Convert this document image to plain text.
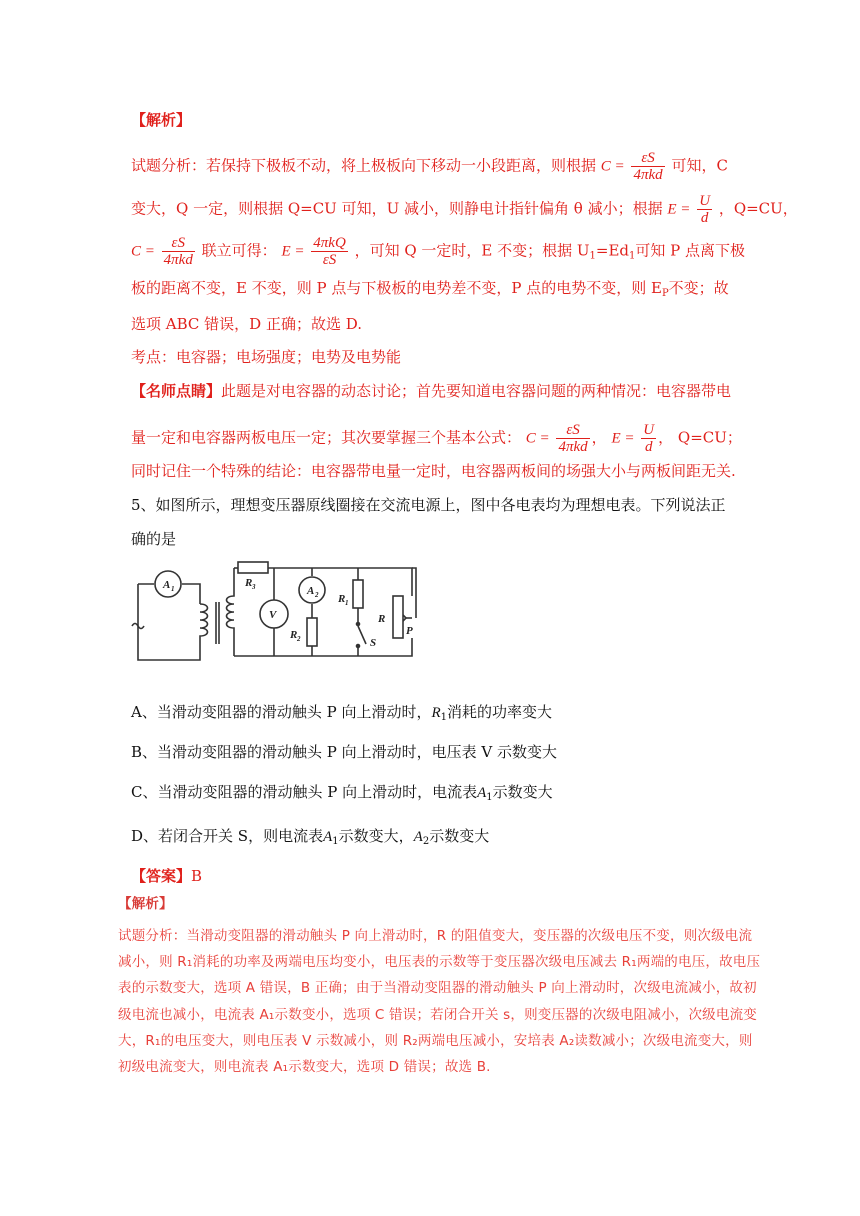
【解析】
试题分析：若保持下极板不动，将上极板向下移动一小段距离，则根据 $C = \frac{\varepsilon S}{\text{4πkd}}$ 可知，C
变大，Q 一定，则根据 Q=CU 可知，U 减小，则静电计指针偏角 θ 减小；根据 $E = \frac{U}{d}$ ，Q=CU，
$C = \frac{\varepsilon S}{\text{4πkd}}$ 联立可得： $E = \frac{\text{4πkQ}}{\varepsilon S}$ ，可知 Q 一定时，E 不变；根据 $U_1=Ed_1$可知 P 点离下极
板的距离不变，E 不变，则 P 点与下极板的电势差不变，P 点的电势不变，则 $E_P$不变；故
选项 ABC 错误，D 正确；故选 D.
考点：电容器；电场强度；电势及电势能
【名师点睛】此题是对电容器的动态讨论；首先要知道电容器问题的两种情况：电容器带电
量一定和电容器两板电压一定；其次要掌握三个基本公式： $C = \frac{\varepsilon S}{\text{4πkd}}$ ， $E = \frac{U}{d}$ ， Q=CU；
同时记住一个特殊的结论：电容器带电量一定时，电容器两板间的场强大小与两板间距无关.
5、如图所示，理想变压器原线圈接在交流电源上，图中各电表均为理想电表。下列说法正
确的是
A 1	R 3
V
A 2
R 2
R 1
S
R
P
A、当滑动变阻器的滑动触头 P 向上滑动时，$R_1$消耗的功率变大
B、当滑动变阻器的滑动触头 P 向上滑动时，电压表 V 示数变大
C、当滑动变阻器的滑动触头 P 向上滑动时，电流表$A_1$示数变大
D、若闭合开关 S，则电流表$A_1$示数变大，$A_2$示数变大
【答案】B
【解析】
试题分析：当滑动变阻器的滑动触头 P 向上滑动时，R 的阻值变大，变压器的次级电压不变，则次级电流
减小，则 R₁消耗的功率及两端电压均变小，电压表的示数等于变压器次级电压减去 R₁两端的电压，故电压
表的示数变大，选项 A 错误，B 正确；由于当滑动变阻器的滑动触头 P 向上滑动时，次级电流减小，故初
级电流也减小，电流表 A₁示数变小，选项 C 错误；若闭合开关 s，则变压器的次级电阻减小，次级电流变
大，R₁的电压变大，则电压表 V 示数减小，则 R₂两端电压减小，安培表 A₂读数减小；次级电流变大，则
初级电流变大，则电流表 A₁示数变大，选项 D 错误；故选 B.
